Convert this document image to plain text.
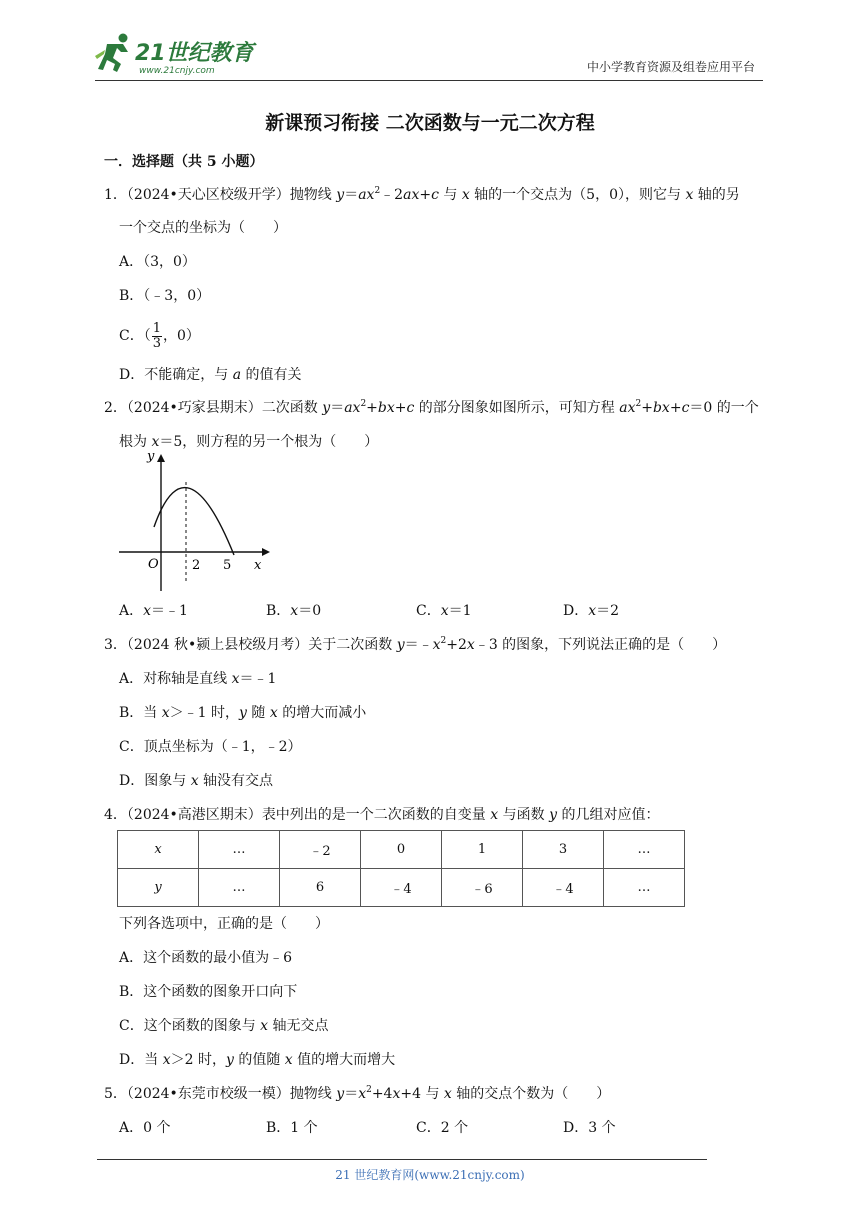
21世纪教育
www.21cnjy.com	中小学教育资源及组卷应用平台
新课预习衔接 二次函数与一元二次方程
一．选择题（共 5 小题）
1．（2024•天心区校级开学）抛物线 $y=ax^2﹣2ax+c$ 与 x 轴的一个交点为（5，0），则它与 x 轴的另
一个交点的坐标为（　　）
A．（3，0）
B．（﹣3，0）
C．（ $\frac{1}{3}$ ，0）
D．不能确定，与 a 的值有关
2．（2024•巧家县期末）二次函数 $y=ax^2+bx+c$ 的部分图象如图所示，可知方程 $ax^2+bx+c=0$ 的一个
根为 x＝5，则方程的另一个根为（　　）
y
O	2 5 x
A．x＝﹣1	B．x＝0	C．x＝1	D．x＝2
3．（2024 秋•颍上县校级月考）关于二次函数 $y=﹣x^2+2x﹣3$ 的图象，下列说法正确的是（　　）
A．对称轴是直线 x＝﹣1
B．当 x＞﹣1 时，y 随 x 的增大而减小
C．顶点坐标为（﹣1，﹣2）
D．图象与 x 轴没有交点
4．（2024•高港区期末）表中列出的是一个二次函数的自变量 x 与函数 y 的几组对应值：
x	…	﹣2	0	1	3	…
y	…	6	﹣4	﹣6	﹣4	…
下列各选项中，正确的是（　　）
A．这个函数的最小值为﹣6
B．这个函数的图象开口向下
C．这个函数的图象与 x 轴无交点
D．当 x＞2 时，y 的值随 x 值的增大而增大
5．（2024•东莞市校级一模）抛物线 $y=x^2+4x+4$ 与 x 轴的交点个数为（　　）
A．0 个	B．1 个	C．2 个	D．3 个
21 世纪教育网(www.21cnjy.com)
